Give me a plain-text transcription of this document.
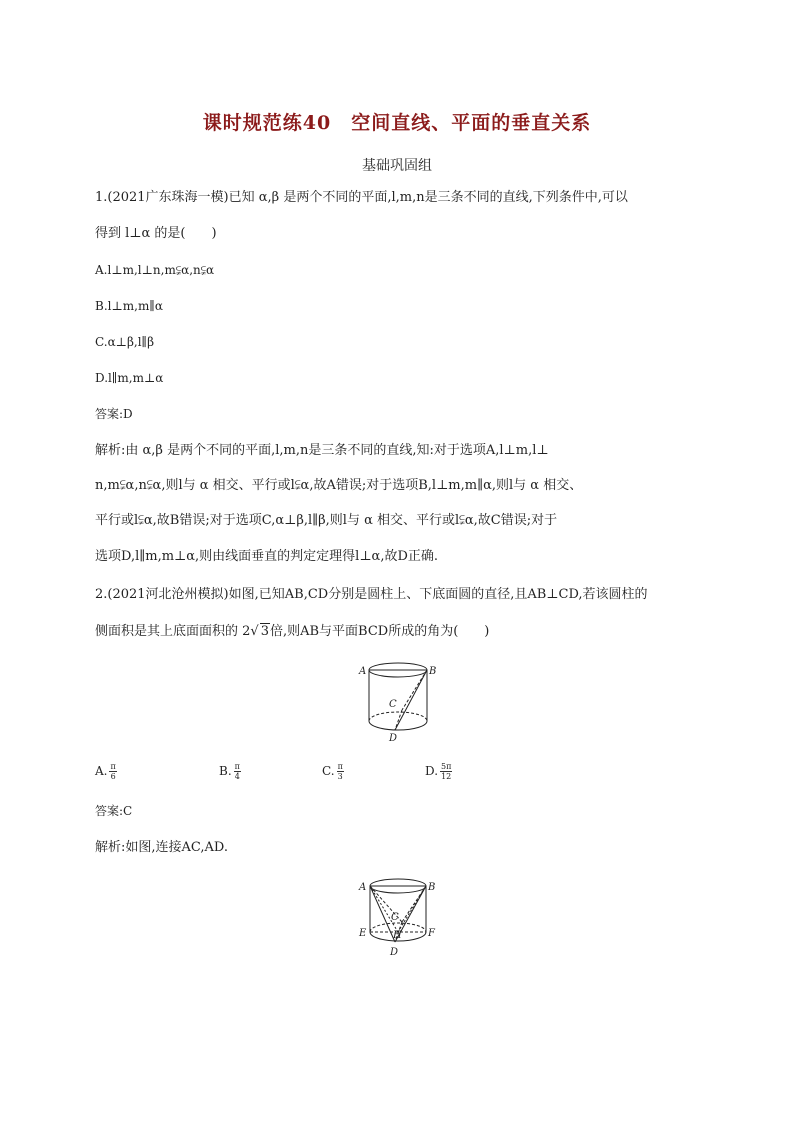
课时规范练40　空间直线、平面的垂直关系
基础巩固组
1.(2021广东珠海一模)已知 α,β 是两个不同的平面,l,m,n是三条不同的直线,下列条件中,可以
得到 l⊥α 的是(　　)
A.l⊥m,l⊥n,m⫋α,n⫋α
B.l⊥m,m∥α
C.α⊥β,l∥β
D.l∥m,m⊥α
答案:D
解析:由 α,β 是两个不同的平面,l,m,n是三条不同的直线,知:对于选项A,l⊥m,l⊥
n,m⫋α,n⫋α,则l与 α 相交、平行或l⫋α,故A错误;对于选项B,l⊥m,m∥α,则l与 α 相交、
平行或l⫋α,故B错误;对于选项C,α⊥β,l∥β,则l与 α 相交、平行或l⫋α,故C错误;对于
选项D,l∥m,m⊥α,则由线面垂直的判定定理得l⊥α,故D正确.
2.(2021河北沧州模拟)如图,已知AB,CD分别是圆柱上、下底面圆的直径,且AB⊥CD,若该圆柱的
侧面积是其上底面面积的 2√ 3倍,则AB与平面BCD所成的角为(　　)
A	B
C
D
A. $\frac{\pi}{6}$	B. $\frac{\pi}{4}$	C. $\frac{\pi}{3}$	D. $\frac{5\pi}{12}$
答案:C
解析:如图,连接AC,AD.
A	B
C
E	H	F
D
